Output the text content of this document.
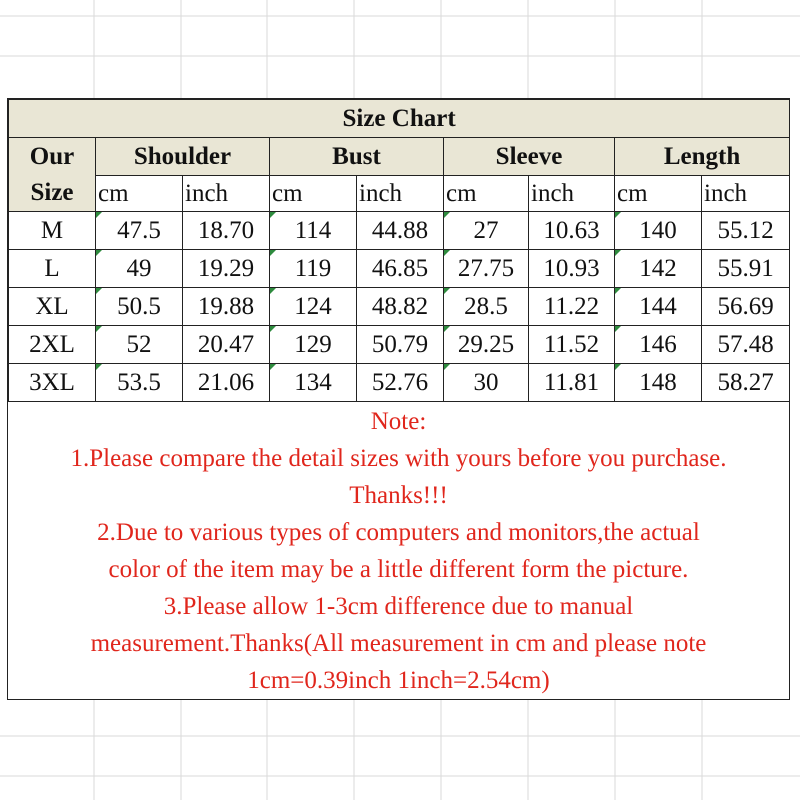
Size Chart								

Our
Size	Shoulder		Bust		Sleeve		Length	
	cm	inch	cm	inch	cm	inch	cm	inch
M	47.5	18.70	114	44.88	27	10.63	140	55.12
L	49	19.29	119	46.85	27.75	10.93	142	55.91
XL	50.5	19.88	124	48.82	28.5	11.22	144	56.69
2XL	52	20.47	129	50.79	29.25	11.52	146	57.48
3XL	53.5	21.06	134	52.76	30	11.81	148	58.27
Note:
1.Please compare the detail sizes with yours before you purchase.
Thanks!!!
2.Due to various types of computers and monitors,the actual
color of the item may be a little different form the picture.
3.Please allow 1-3cm difference due to manual
measurement.Thanks(All measurement in cm and please note
1cm=0.39inch 1inch=2.54cm)
